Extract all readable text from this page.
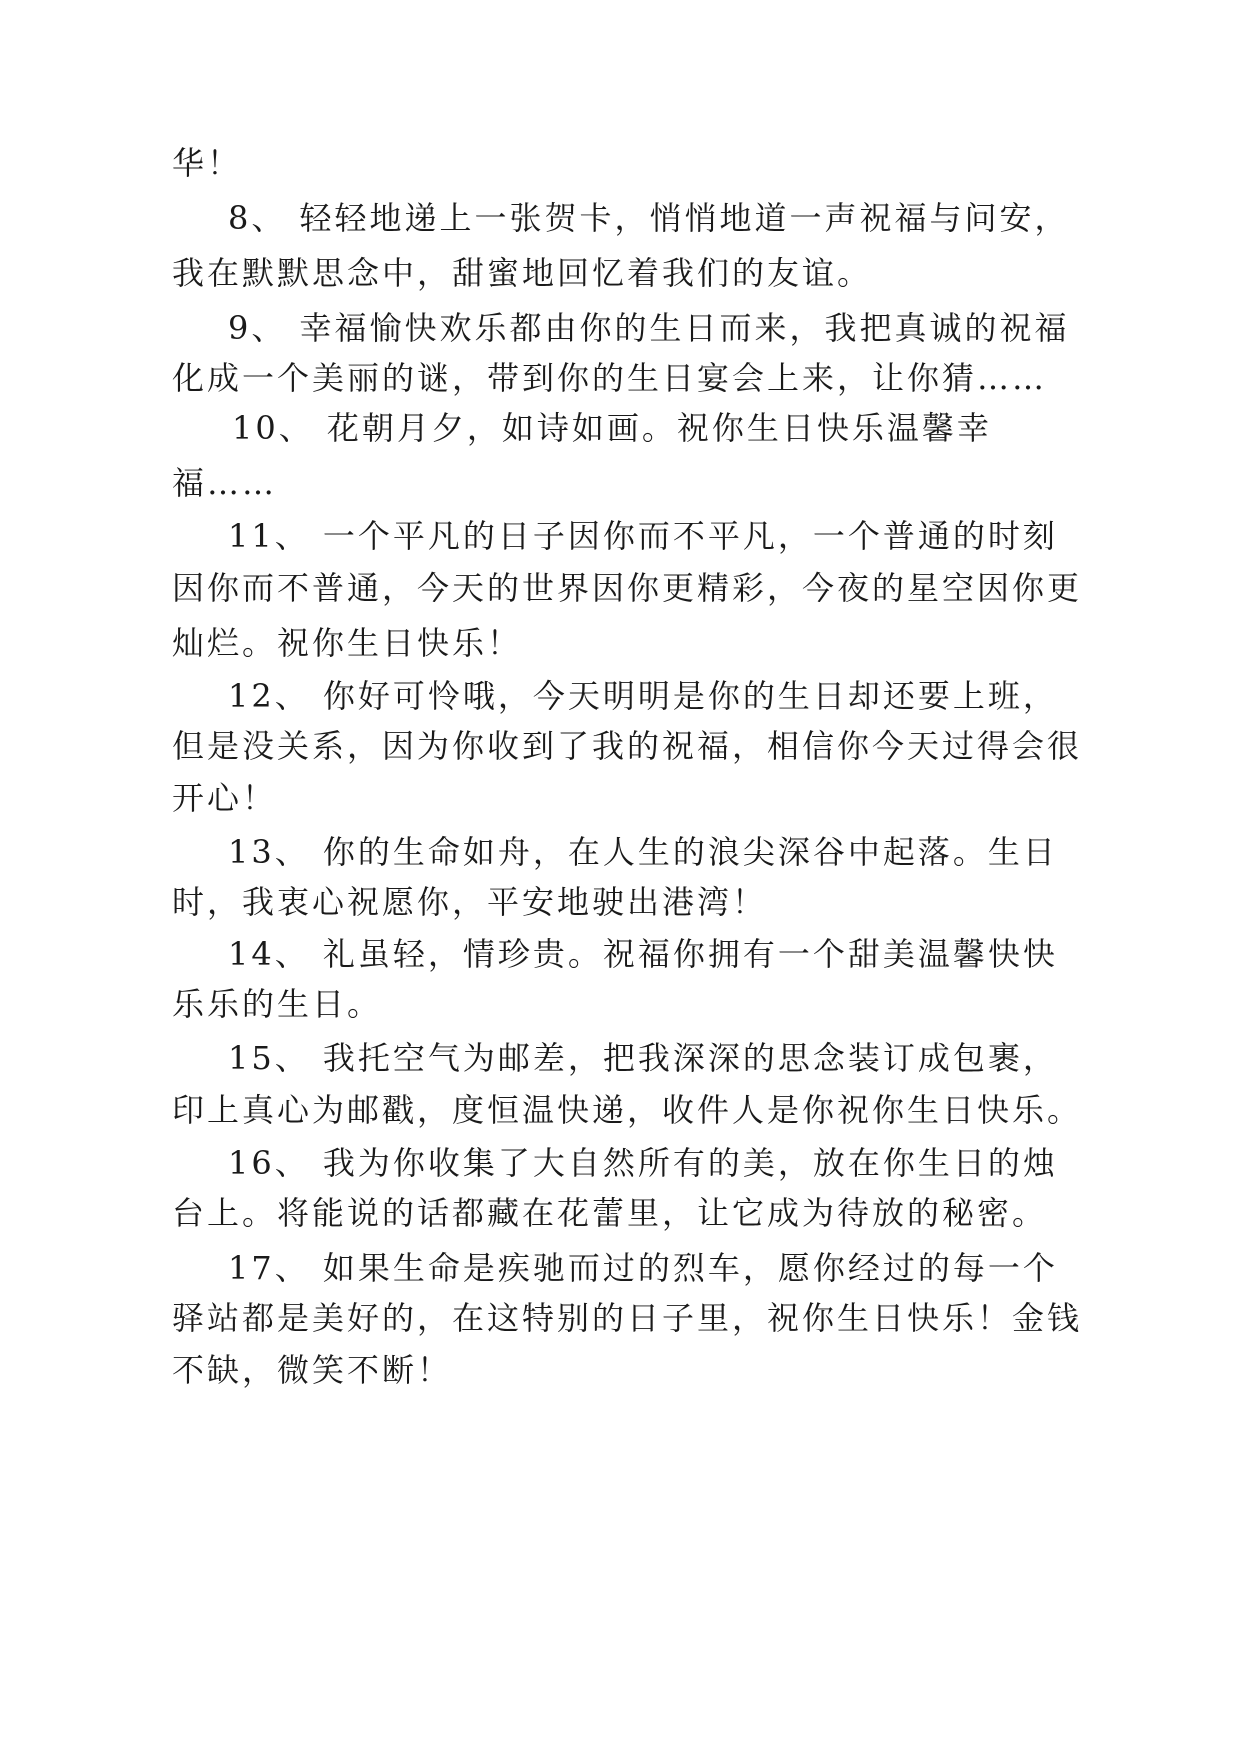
华！

8、 轻轻地递上一张贺卡，悄悄地道一声祝福与问安，

我在默默思念中，甜蜜地回忆着我们的友谊。

9、 幸福愉快欢乐都由你的生日而来，我把真诚的祝福

化成一个美丽的谜，带到你的生日宴会上来，让你猜……

10、 花朝月夕，如诗如画。祝你生日快乐温馨幸

福……

11、 一个平凡的日子因你而不平凡，一个普通的时刻

因你而不普通，今天的世界因你更精彩，今夜的星空因你更

灿烂。祝你生日快乐！

12、 你好可怜哦，今天明明是你的生日却还要上班，

但是没关系，因为你收到了我的祝福，相信你今天过得会很

开心！

13、 你的生命如舟，在人生的浪尖深谷中起落。生日

时，我衷心祝愿你，平安地驶出港湾！

14、 礼虽轻，情珍贵。祝福你拥有一个甜美温馨快快

乐乐的生日。

15、 我托空气为邮差，把我深深的思念装订成包裹，

印上真心为邮戳，度恒温快递，收件人是你祝你生日快乐。

16、 我为你收集了大自然所有的美，放在你生日的烛

台上。将能说的话都藏在花蕾里，让它成为待放的秘密。

17、 如果生命是疾驰而过的烈车，愿你经过的每一个

驿站都是美好的，在这特别的日子里，祝你生日快乐！金钱

不缺，微笑不断！
